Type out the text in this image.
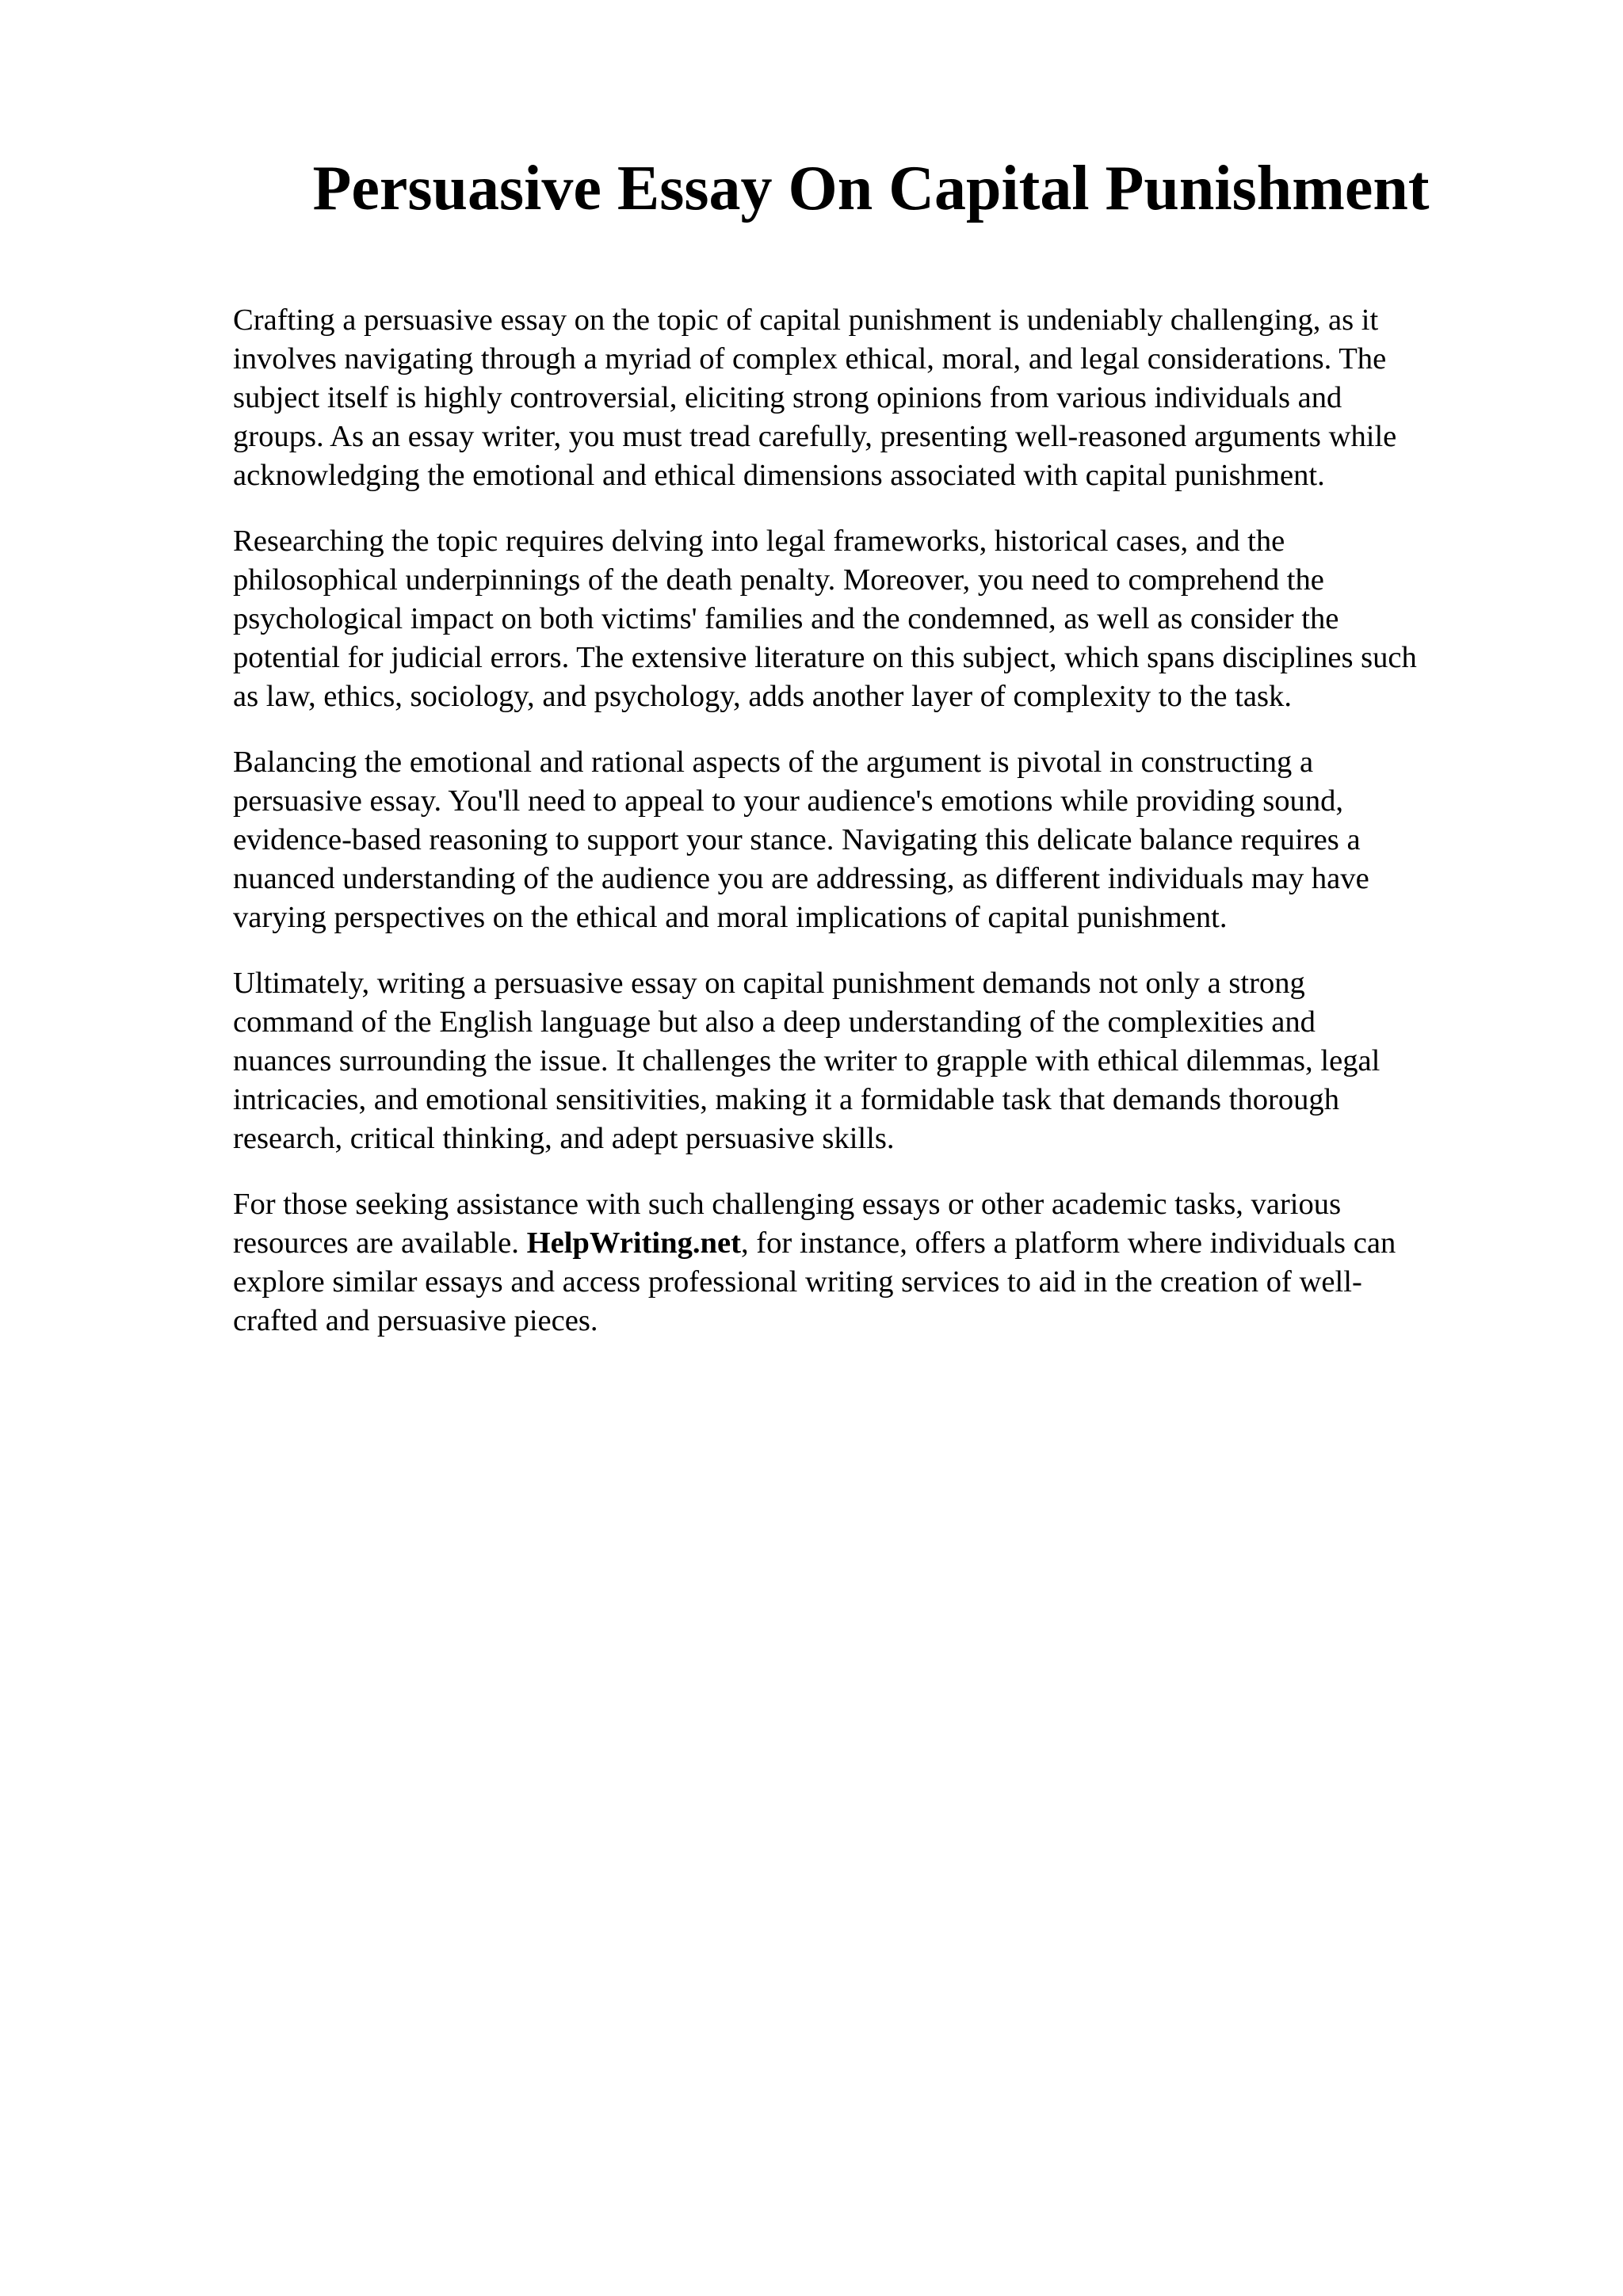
Persuasive Essay On Capital Punishment

Crafting a persuasive essay on the topic of capital punishment is undeniably challenging, as it
involves navigating through a myriad of complex ethical, moral, and legal considerations. The
subject itself is highly controversial, eliciting strong opinions from various individuals and
groups. As an essay writer, you must tread carefully, presenting well-reasoned arguments while
acknowledging the emotional and ethical dimensions associated with capital punishment.

Researching the topic requires delving into legal frameworks, historical cases, and the
philosophical underpinnings of the death penalty. Moreover, you need to comprehend the
psychological impact on both victims' families and the condemned, as well as consider the
potential for judicial errors. The extensive literature on this subject, which spans disciplines such
as law, ethics, sociology, and psychology, adds another layer of complexity to the task.

Balancing the emotional and rational aspects of the argument is pivotal in constructing a
persuasive essay. You'll need to appeal to your audience's emotions while providing sound,
evidence-based reasoning to support your stance. Navigating this delicate balance requires a
nuanced understanding of the audience you are addressing, as different individuals may have
varying perspectives on the ethical and moral implications of capital punishment.

Ultimately, writing a persuasive essay on capital punishment demands not only a strong
command of the English language but also a deep understanding of the complexities and
nuances surrounding the issue. It challenges the writer to grapple with ethical dilemmas, legal
intricacies, and emotional sensitivities, making it a formidable task that demands thorough
research, critical thinking, and adept persuasive skills.

For those seeking assistance with such challenging essays or other academic tasks, various
resources are available. HelpWriting.net, for instance, offers a platform where individuals can
explore similar essays and access professional writing services to aid in the creation of well-
crafted and persuasive pieces.
